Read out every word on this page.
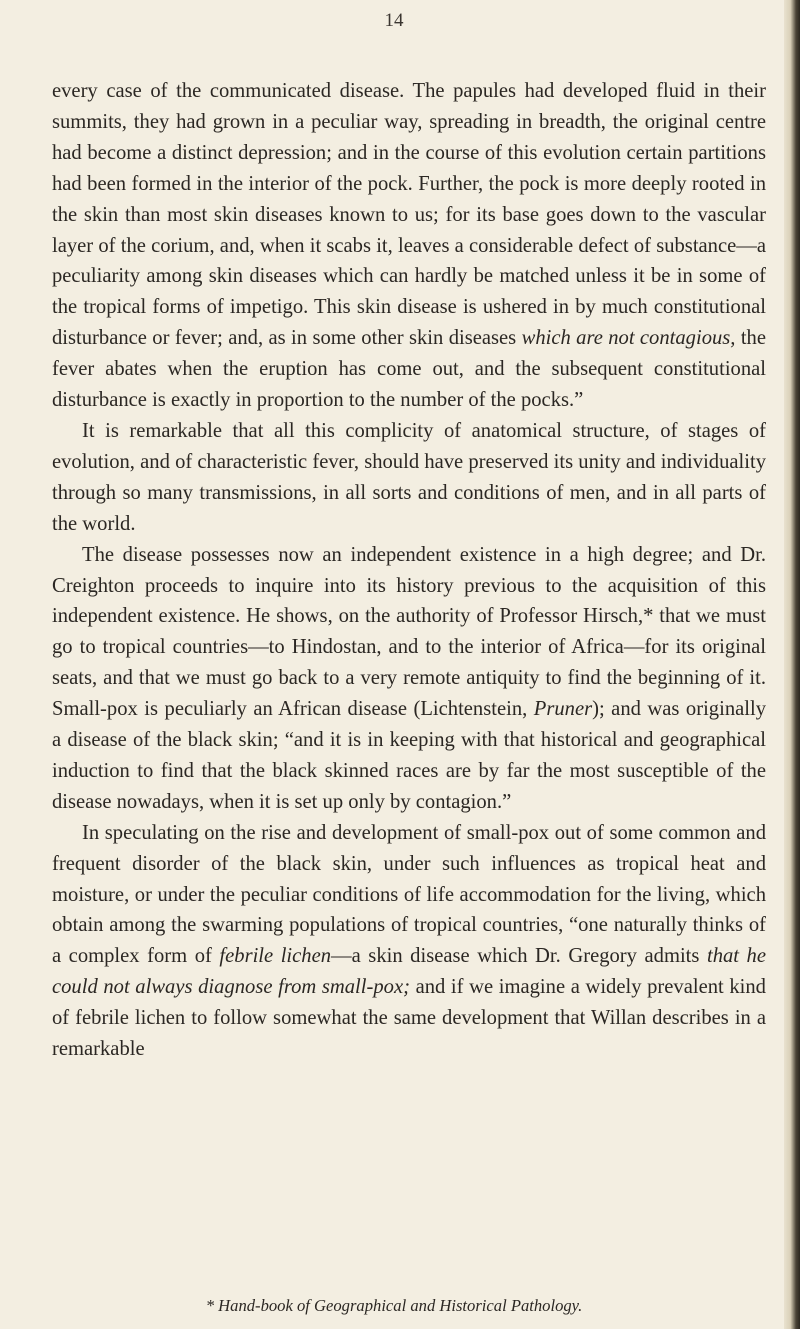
14

every case of the communicated disease. The papules had developed fluid in their summits, they had grown in a peculiar way, spreading in breadth, the original centre had become a distinct depression; and in the course of this evolution certain partitions had been formed in the interior of the pock. Further, the pock is more deeply rooted in the skin than most skin diseases known to us; for its base goes down to the vascular layer of the corium, and, when it scabs it, leaves a considerable defect of substance—a peculiarity among skin diseases which can hardly be matched unless it be in some of the tropical forms of impetigo. This skin disease is ushered in by much constitutional disturbance or fever; and, as in some other skin diseases which are not contagious, the fever abates when the eruption has come out, and the subsequent constitutional disturbance is exactly in proportion to the number of the pocks.”

It is remarkable that all this complicity of anatomical structure, of stages of evolution, and of characteristic fever, should have preserved its unity and individuality through so many transmissions, in all sorts and conditions of men, and in all parts of the world.

The disease possesses now an independent existence in a high degree; and Dr. Creighton proceeds to inquire into its history previous to the acquisition of this independent existence. He shows, on the authority of Professor Hirsch,* that we must go to tropical countries—to Hindostan, and to the interior of Africa—for its original seats, and that we must go back to a very remote antiquity to find the beginning of it. Small-pox is peculiarly an African disease (Lichtenstein, Pruner); and was originally a disease of the black skin; “and it is in keeping with that historical and geographical induction to find that the black skinned races are by far the most susceptible of the disease nowadays, when it is set up only by contagion.”

In speculating on the rise and development of small-pox out of some common and frequent disorder of the black skin, under such influences as tropical heat and moisture, or under the peculiar conditions of life accommodation for the living, which obtain among the swarming populations of tropical countries, “one naturally thinks of a complex form of febrile lichen—a skin disease which Dr. Gregory admits that he could not always diagnose from small-pox; and if we imagine a widely prevalent kind of febrile lichen to follow somewhat the same development that Willan describes in a remarkable

* Hand-book of Geographical and Historical Pathology.
